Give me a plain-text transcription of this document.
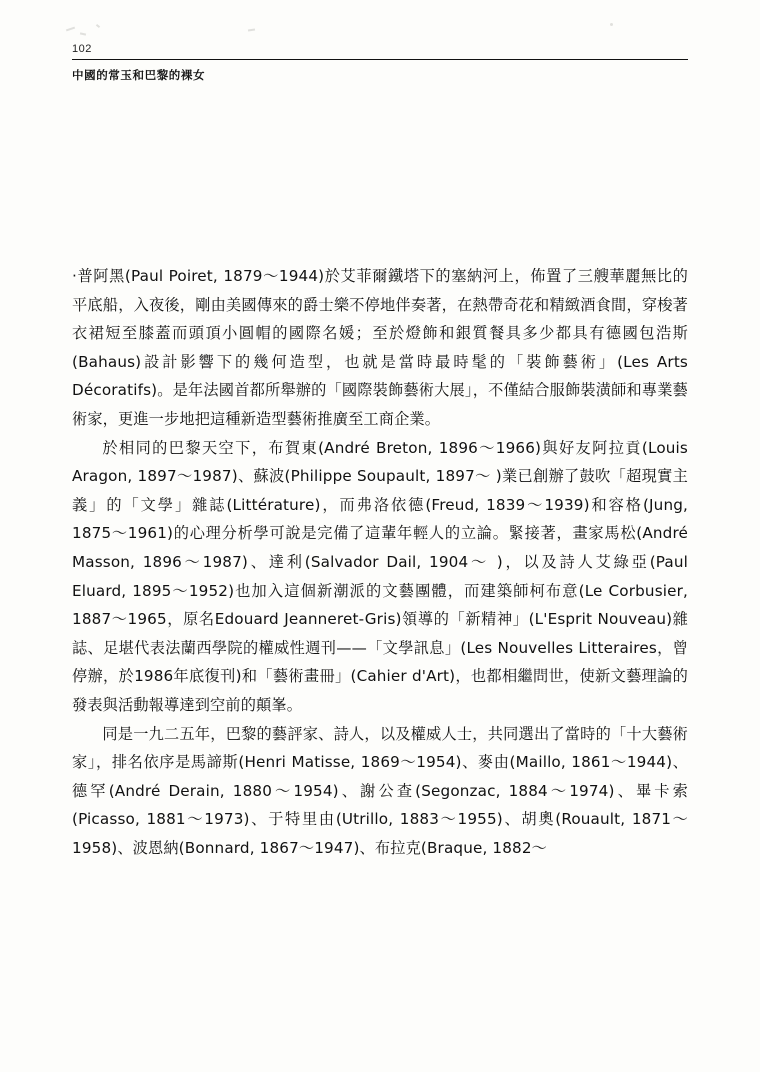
102
中國的常玉和巴黎的裸女

‧普阿黑(Paul Poiret, 1879～1944)於艾菲爾鐵塔下的塞納河上，佈置了三艘華麗無比的平底船，入夜後，剛由美國傳來的爵士樂不停地伴奏著，在熱帶奇花和精緻酒食間，穿梭著衣裙短至膝蓋而頭頂小圓帽的國際名媛；至於燈飾和銀質餐具多少都具有德國包浩斯(Bahaus)設計影響下的幾何造型，也就是當時最時髦的「裝飾藝術」(Les Arts Décoratifs)。是年法國首都所舉辦的「國際裝飾藝術大展」，不僅結合服飾裝潢師和專業藝術家，更進一步地把這種新造型藝術推廣至工商企業。

於相同的巴黎天空下，布賀東(André Breton, 1896～1966)與好友阿拉貢(Louis Aragon, 1897～1987)、蘇波(Philippe Soupault, 1897～ )業已創辦了鼓吹「超現實主義」的「文學」雜誌(Littérature)，而弗洛依德(Freud, 1839～1939)和容格(Jung, 1875～1961)的心理分析學可說是完備了這輩年輕人的立論。緊接著，畫家馬松(André Masson, 1896～1987)、達利(Salvador Dail, 1904～ )，以及詩人艾綠亞(Paul Eluard, 1895～1952)也加入這個新潮派的文藝團體，而建築師柯布意(Le Corbusier, 1887～1965，原名Edouard Jeanneret-Gris)領導的「新精神」(L'Esprit Nouveau)雜誌、足堪代表法蘭西學院的權威性週刊——「文學訊息」(Les Nouvelles Litteraires，曾停辦，於1986年底復刊)和「藝術畫冊」(Cahier d'Art)，也都相繼問世，使新文藝理論的發表與活動報導達到空前的顛峯。

同是一九二五年，巴黎的藝評家、詩人，以及權威人士，共同選出了當時的「十大藝術家」，排名依序是馬諦斯(Henri Matisse, 1869～1954)、麥由(Maillo, 1861～1944)、德罕(André Derain, 1880～1954)、謝公查(Segonzac, 1884～1974)、畢卡索(Picasso, 1881～1973)、于特里由(Utrillo, 1883～1955)、胡奧(Rouault, 1871～1958)、波恩納(Bonnard, 1867～1947)、布拉克(Braque, 1882～
